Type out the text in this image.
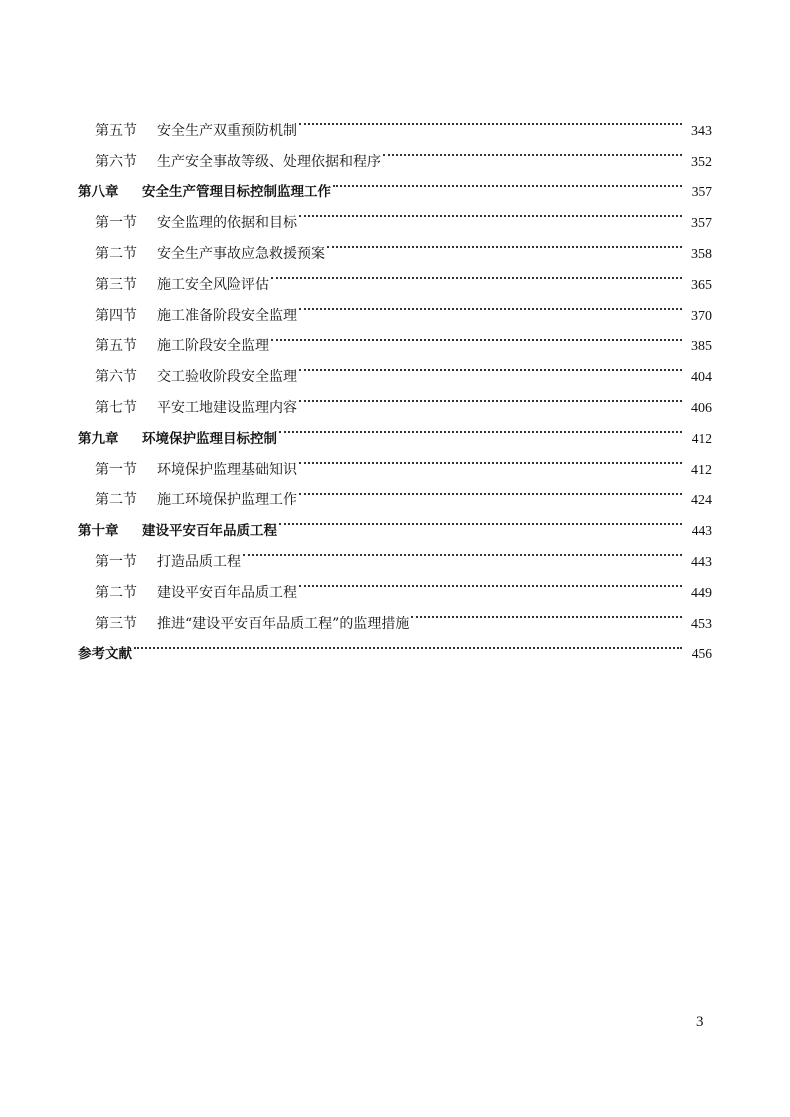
第五节	安全生产双重预防机制	343
第六节	生产安全事故等级、处理依据和程序	352
第八章	安全生产管理目标控制监理工作	357
第一节	安全监理的依据和目标	357
第二节	安全生产事故应急救援预案	358
第三节	施工安全风险评估	365
第四节	施工准备阶段安全监理	370
第五节	施工阶段安全监理	385
第六节	交工验收阶段安全监理	404
第七节	平安工地建设监理内容	406
第九章	环境保护监理目标控制	412
第一节	环境保护监理基础知识	412
第二节	施工环境保护监理工作	424
第十章	建设平安百年品质工程	443
第一节	打造品质工程	443
第二节	建设平安百年品质工程	449
第三节	推进“建设平安百年品质工程”的监理措施	453
参考文献	456
3
